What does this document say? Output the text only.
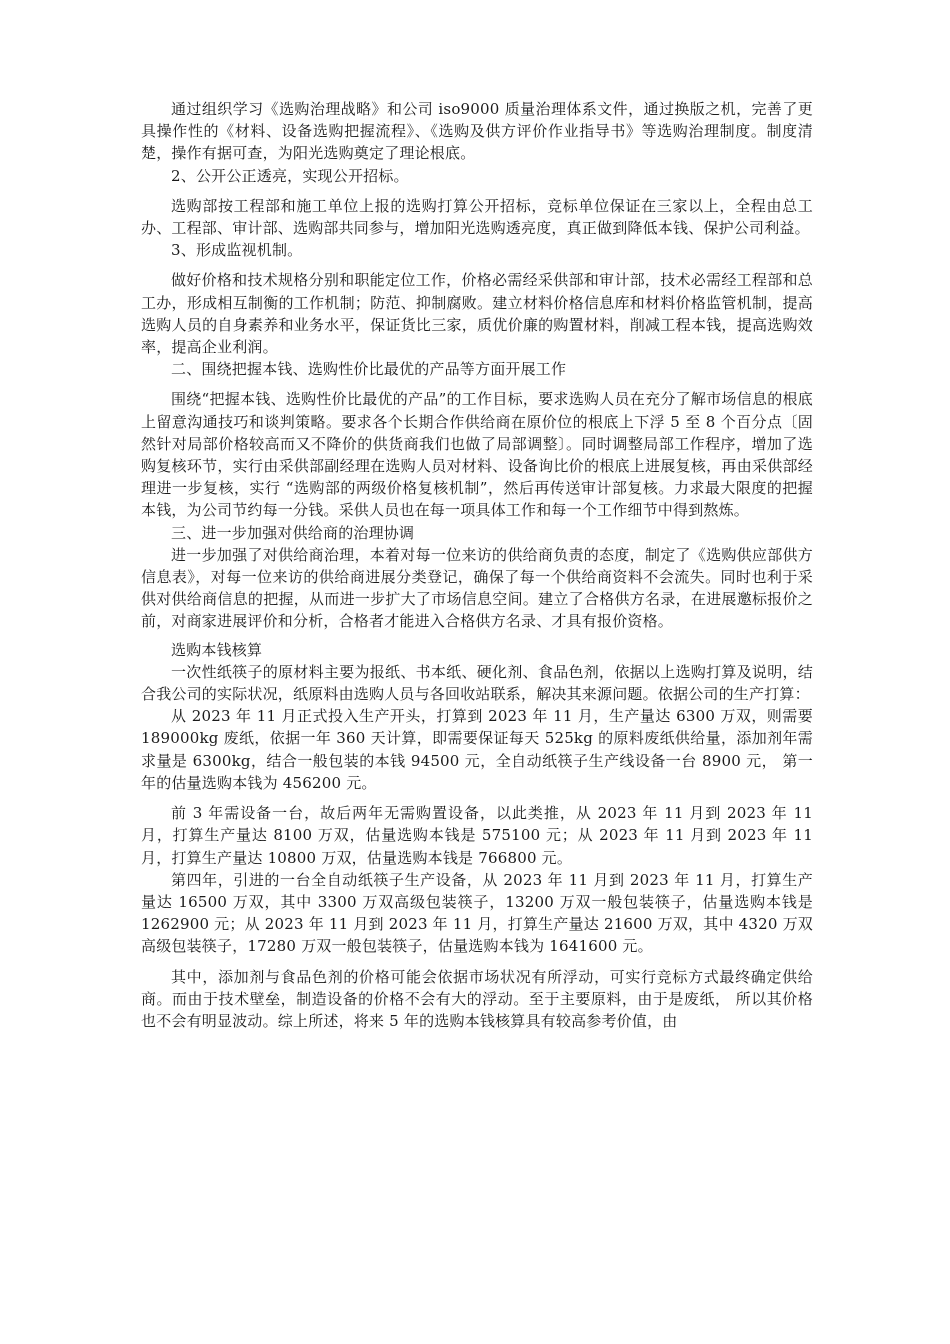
通过组织学习《选购治理战略》和公司 iso9000 质量治理体系文件，通过换版之机，完善了更具操作性的《材料、设备选购把握流程》、《选购及供方评价作业指导书》等选购治理制度。制度清楚，操作有据可查，为阳光选购奠定了理论根底。

2、公开公正透亮，实现公开招标。

选购部按工程部和施工单位上报的选购打算公开招标，竞标单位保证在三家以上，全程由总工办、工程部、审计部、选购部共同参与，增加阳光选购透亮度，真正做到降低本钱、保护公司利益。

3、形成监视机制。

做好价格和技术规格分别和职能定位工作，价格必需经采供部和审计部，技术必需经工程部和总工办，形成相互制衡的工作机制；防范、抑制腐败。建立材料价格信息库和材料价格监管机制，提高选购人员的自身素养和业务水平，保证货比三家，质优价廉的购置材料，削减工程本钱，提高选购效率，提高企业利润。

二、围绕把握本钱、选购性价比最优的产品等方面开展工作

围绕“把握本钱、选购性价比最优的产品”的工作目标，要求选购人员在充分了解市场信息的根底上留意沟通技巧和谈判策略。要求各个长期合作供给商在原价位的根底上下浮 5 至 8 个百分点〔固然针对局部价格较高而又不降价的供货商我们也做了局部调整〕。同时调整局部工作程序，增加了选购复核环节，实行由采供部副经理在选购人员对材料、设备询比价的根底上进展复核，再由采供部经理进一步复核，实行 “选购部的两级价格复核机制”，然后再传送审计部复核。力求最大限度的把握本钱，为公司节约每一分钱。采供人员也在每一项具体工作和每一个工作细节中得到熬炼。

三、进一步加强对供给商的治理协调

进一步加强了对供给商治理，本着对每一位来访的供给商负责的态度，制定了《选购供应部供方信息表》，对每一位来访的供给商进展分类登记，确保了每一个供给商资料不会流失。同时也利于采供对供给商信息的把握，从而进一步扩大了市场信息空间。建立了合格供方名录，在进展邀标报价之前，对商家进展评价和分析，合格者才能进入合格供方名录、才具有报价资格。

选购本钱核算

一次性纸筷子的原材料主要为报纸、书本纸、硬化剂、食品色剂，依据以上选购打算及说明，结合我公司的实际状况，纸原料由选购人员与各回收站联系，解决其来源问题。依据公司的生产打算：

从 2023 年 11 月正式投入生产开头，打算到 2023 年 11 月，生产量达 6300 万双，则需要189000kg 废纸，依据一年 360 天计算，即需要保证每天 525kg 的原料废纸供给量，添加剂年需求量是 6300kg，结合一般包装的本钱 94500 元，全自动纸筷子生产线设备一台 8900 元， 第一年的估量选购本钱为 456200 元。

前 3 年需设备一台，故后两年无需购置设备，以此类推，从 2023 年 11 月到 2023 年 11 月，打算生产量达 8100 万双，估量选购本钱是 575100 元；从 2023 年 11 月到 2023 年 11 月，打算生产量达 10800 万双，估量选购本钱是 766800 元。

第四年，引进的一台全自动纸筷子生产设备，从 2023 年 11 月到 2023 年 11 月，打算生产量达 16500 万双，其中 3300 万双高级包装筷子，13200 万双一般包装筷子，估量选购本钱是 1262900 元；从 2023 年 11 月到 2023 年 11 月，打算生产量达 21600 万双，其中 4320 万双高级包装筷子，17280 万双一般包装筷子，估量选购本钱为 1641600 元。

其中，添加剂与食品色剂的价格可能会依据市场状况有所浮动，可实行竞标方式最终确定供给商。而由于技术壁垒，制造设备的价格不会有大的浮动。至于主要原料，由于是废纸， 所以其价格也不会有明显波动。综上所述，将来 5 年的选购本钱核算具有较高参考价值，由
